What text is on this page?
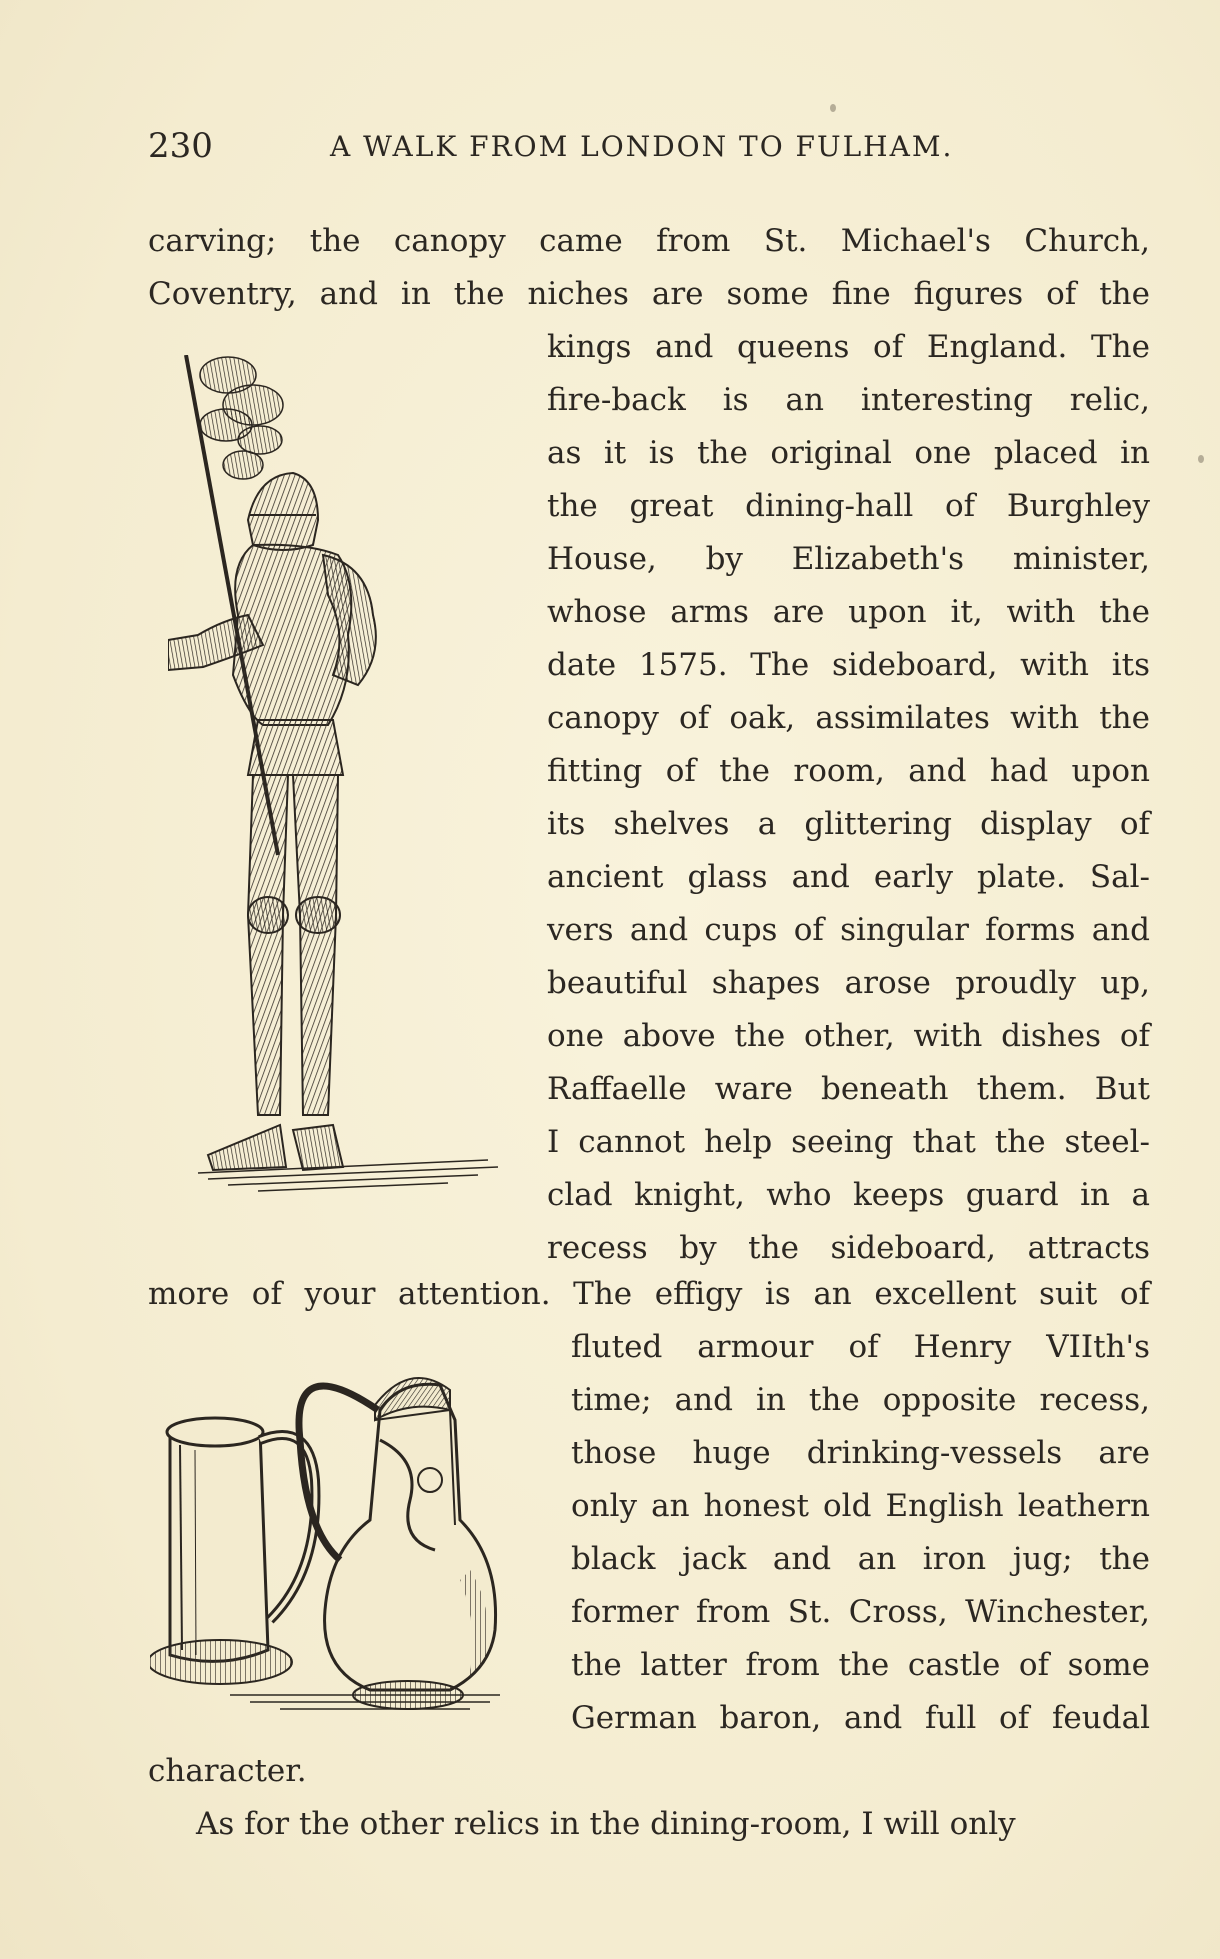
230	A WALK FROM LONDON TO FULHAM.
carving; the canopy came from St. Michael's Church,
Coventry, and in the niches are some fine figures of the
kings and queens of England. The
fire-back is an interesting relic,
as it is the original one placed in
the great dining-hall of Burghley
House, by Elizabeth's minister,
whose arms are upon it, with the
date 1575. The sideboard, with its
canopy of oak, assimilates with the
fitting of the room, and had upon
its shelves a glittering display of
ancient glass and early plate. Sal-
vers and cups of singular forms and
beautiful shapes arose proudly up,
one above the other, with dishes of
Raffaelle ware beneath them. But
I cannot help seeing that the steel-
clad knight, who keeps guard in a
recess by the sideboard, attracts
more of your attention. The effigy is an excellent suit of
fluted armour of Henry VIIth's
time; and in the opposite recess,
those huge drinking-vessels are
only an honest old English leathern
black jack and an iron jug; the
former from St. Cross, Winchester,
the latter from the castle of some
German baron, and full of feudal
character.
As for the other relics in the dining-room, I will only
